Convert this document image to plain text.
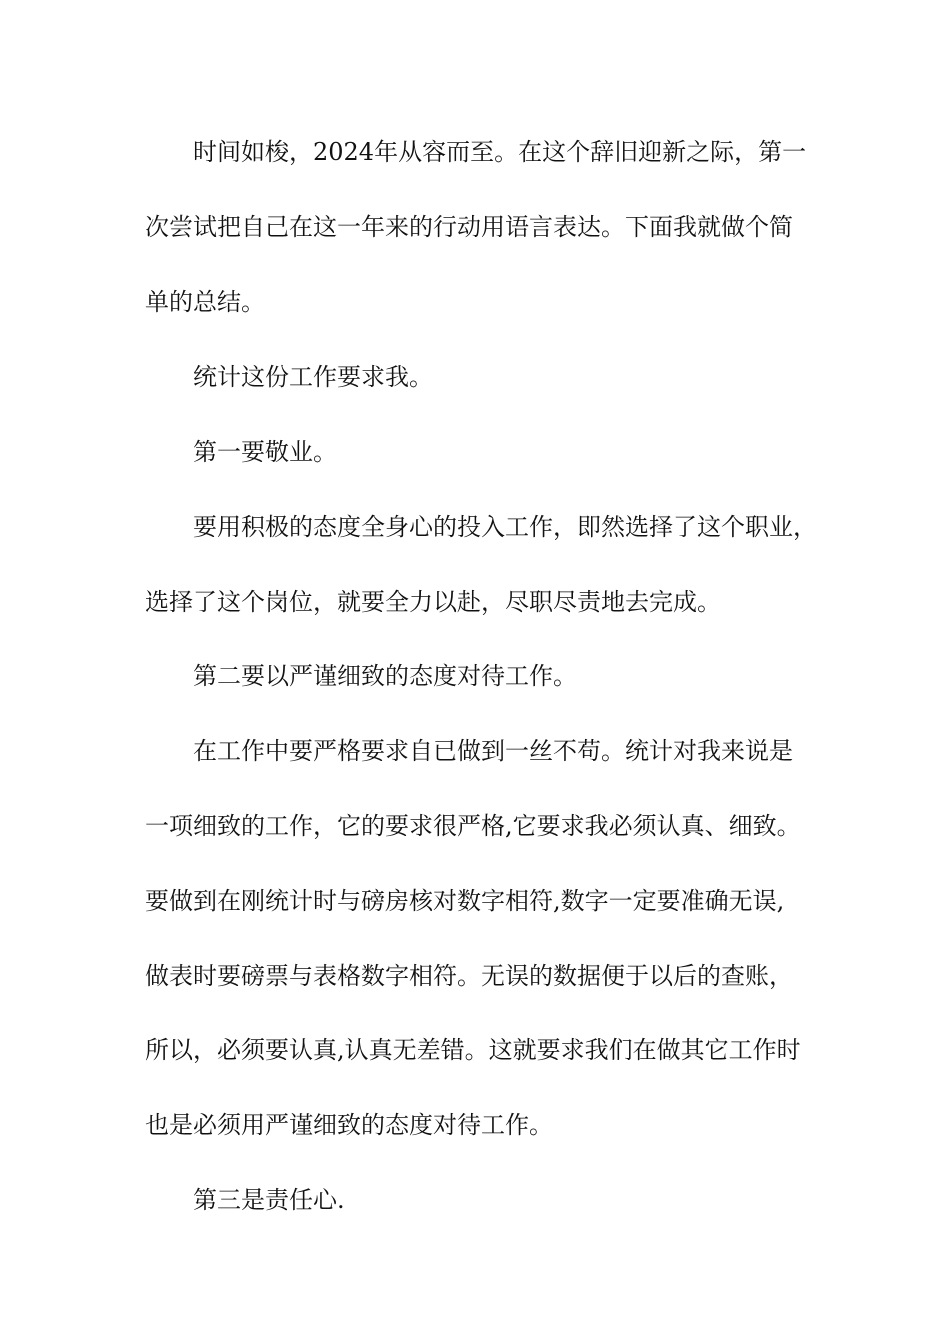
时间如梭，2024年从容而至。在这个辞旧迎新之际，第一

次尝试把自己在这一年来的行动用语言表达。下面我就做个简

单的总结。

统计这份工作要求我。

第一要敬业。

要用积极的态度全身心的投入工作，即然选择了这个职业，

选择了这个岗位，就要全力以赴，尽职尽责地去完成。

第二要以严谨细致的态度对待工作。

在工作中要严格要求自已做到一丝不苟。统计对我来说是

一项细致的工作，它的要求很严格,它要求我必须认真、细致。

要做到在刚统计时与磅房核对数字相符,数字一定要准确无误,

做表时要磅票与表格数字相符。无误的数据便于以后的查账，

所以，必须要认真,认真无差错。这就要求我们在做其它工作时

也是必须用严谨细致的态度对待工作。

第三是责任心.
